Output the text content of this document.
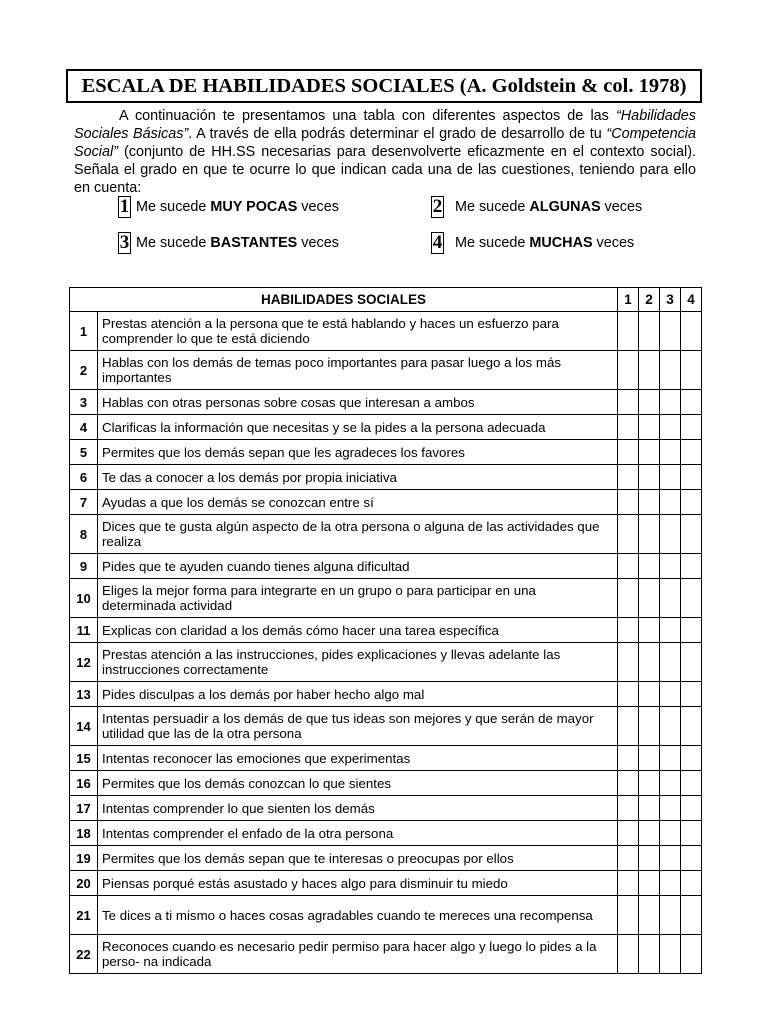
ESCALA DE HABILIDADES SOCIALES (A. Goldstein & col. 1978)

A continuación te presentamos una tabla con diferentes aspectos de las “Habilidades Sociales Básicas”. A través de ella podrás determinar el grado de desarrollo de tu “Competencia Social” (conjunto de HH.SS necesarias para desenvolverte eficazmente en el contexto social). Señala el grado en que te ocurre lo que indican cada una de las cuestiones, teniendo para ello en cuenta:

1 Me sucede MUY POCAS veces	2 Me sucede ALGUNAS veces
3 Me sucede BASTANTES veces	4 Me sucede MUCHAS veces
HABILIDADES SOCIALES		1	2	3	4
1	Prestas atención a la persona que te está hablando y haces un esfuerzo para comprender lo que te está diciendo				
2	Hablas con los demás de temas poco importantes para pasar luego a los más importantes				
3	Hablas con otras personas sobre cosas que interesan a ambos				
4	Clarificas la información que necesitas y se la pides a la persona adecuada				
5	Permites que los demás sepan que les agradeces los favores				
6	Te das a conocer a los demás por propia iniciativa				
7	Ayudas a que los demás se conozcan entre sí				
8	Dices que te gusta algún aspecto de la otra persona o alguna de las actividades que realiza				
9	Pides que te ayuden cuando tienes alguna dificultad				
10	Eliges la mejor forma para integrarte en un grupo o para participar en una determinada actividad				
11	Explicas con claridad a los demás cómo hacer una tarea específica				
12	Prestas atención a las instrucciones, pides explicaciones y llevas adelante las instrucciones correctamente				
13	Pides disculpas a los demás por haber hecho algo mal				
14	Intentas persuadir a los demás de que tus ideas son mejores y que serán de mayor utilidad que las de la otra persona				
15	Intentas reconocer las emociones que experimentas				
16	Permites que los demás conozcan lo que sientes				
17	Intentas comprender lo que sienten los demás				
18	Intentas comprender el enfado de la otra persona				
19	Permites que los demás sepan que te interesas o preocupas por ellos				
20	Piensas porqué estás asustado y haces algo para disminuir tu miedo				
21	Te dices a ti mismo o haces cosas agradables cuando te mereces una recompensa				
22	Reconoces cuando es necesario pedir permiso para hacer algo y luego lo pides a la perso- na indicada				
